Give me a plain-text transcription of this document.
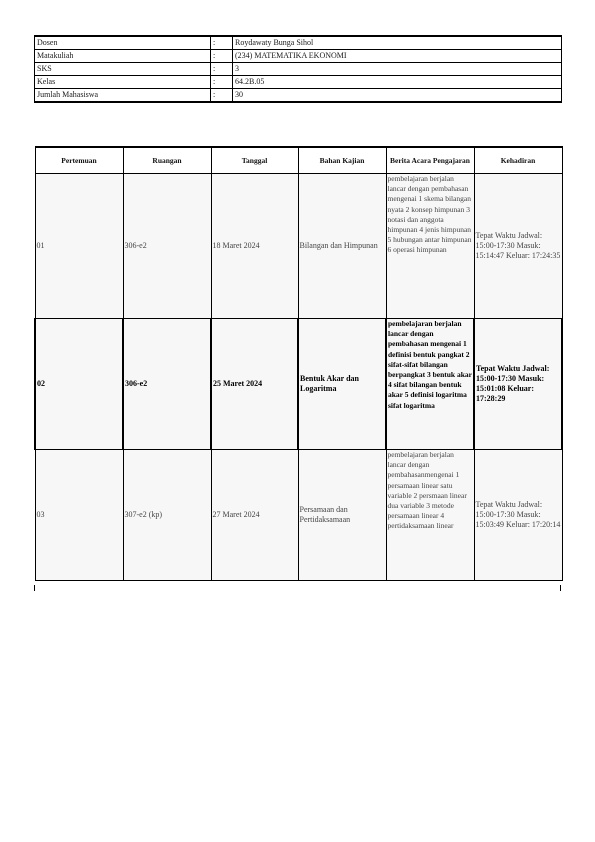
Dosen	:	Roydawaty Bunga Sihol
Matakuliah	:	(234) MATEMATIKA EKONOMI
SKS	:	3
Kelas	:	64.2B.05
Jumlah Mahasiswa	:	30
Pertemuan	Ruangan	Tanggal	Bahan Kajian	Berita Acara Pengajaran	Kehadiran
01	306-e2	18 Maret 2024	Bilangan dan Himpunan	pembelajaran berjalan lancar dengan pembahasan mengenai 1 skema bilangan nyata 2 konsep himpunan 3 notasi dan anggota himpunan 4 jenis himpunan 5 hubungan antar himpunan 6 operasi himpunan	Tepat Waktu Jadwal: 15:00-17:30 Masuk: 15:14:47 Keluar: 17:24:35
02	306-e2	25 Maret 2024	Bentuk Akar dan Logaritma	pembelajaran berjalan lancar dengan pembahasan mengenai 1 definisi bentuk pangkat 2 sifat-sifat bilangan berpangkat 3 bentuk akar 4 sifat bilangan bentuk akar 5 definisi logaritma sifat logaritma	Tepat Waktu Jadwal: 15:00-17:30 Masuk: 15:01:08 Keluar: 17:28:29
03	307-e2 (kp)	27 Maret 2024	Persamaan dan Pertidaksamaan	pembelajaran berjalan lancar dengan pembahasanmengenai 1 persamaan linear satu variable 2 persmaan linear dua variable 3 metode persamaan linear 4 pertidaksamaan linear	Tepat Waktu Jadwal: 15:00-17:30 Masuk: 15:03:49 Keluar: 17:20:14
